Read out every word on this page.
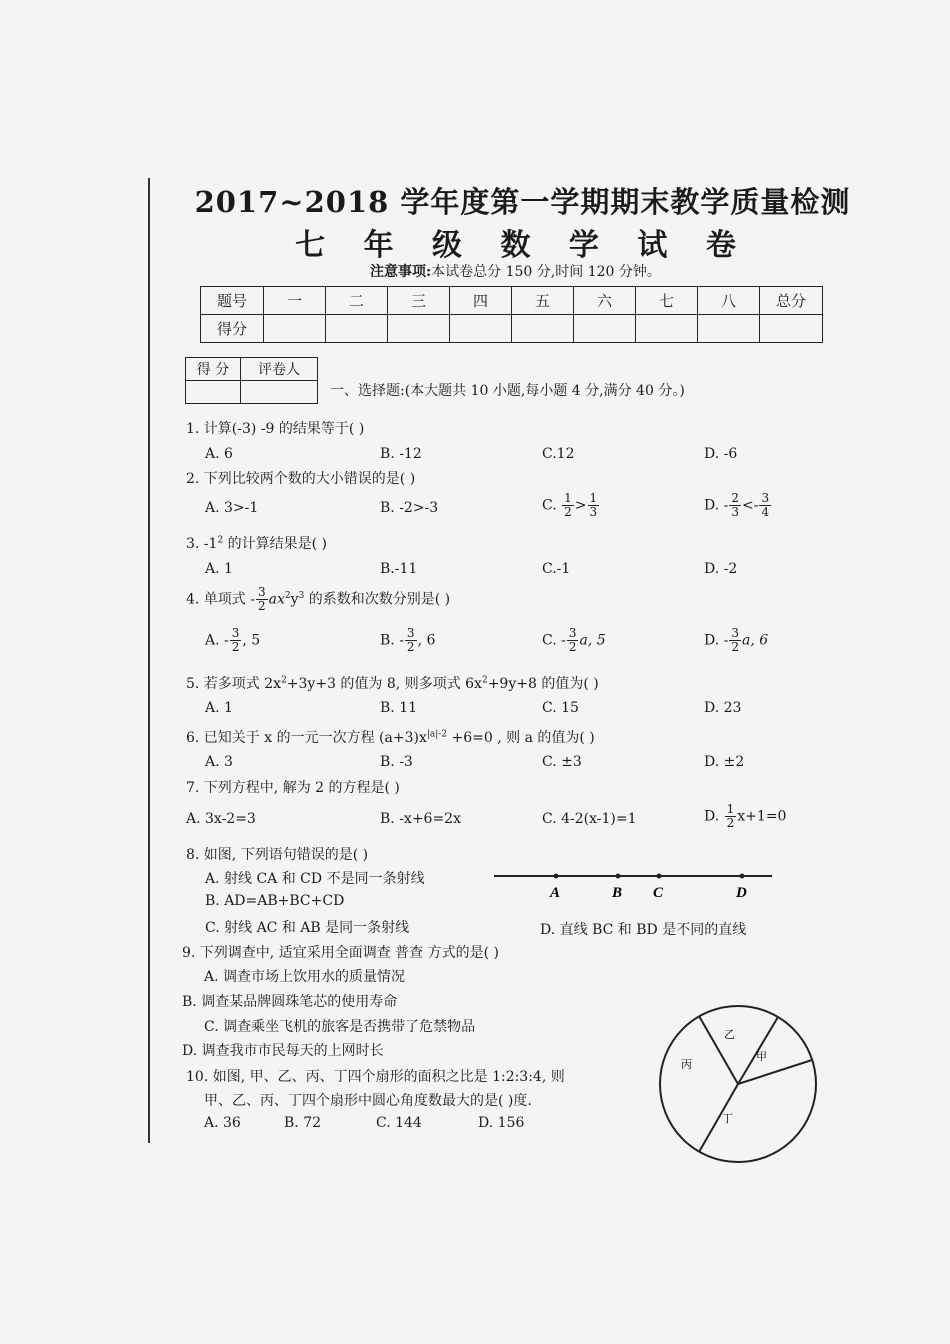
2017~2018 学年度第一学期期末教学质量检测
七 年 级 数 学 试 卷
注意事项:本试卷总分 150 分,时间 120 分钟。
题号	一	二	三	四	五	六	七	八	总分
得分									
得 分	评卷人

一、选择题:(本大题共 10 小题,每小题 4 分,满分 40 分。)
1. 计算(-3) -9 的结果等于( )
A. 6	B. -12	C.12	D. -6
2. 下列比较两个数的大小错误的是( )
A. 3>-1	B. -2>-3	C. $\frac{1}{2} > \frac{1}{3}$	D. - $\frac{2}{3} <- \frac{3}{4}$
3. $-1^2$ 的计算结果是( )
A. 1	B.-11	C.-1	D. -2
4. 单项式 - $\frac{3}{2} ax^2y^3$ 的系数和次数分别是( )
A. - $\frac{3}{2}$ , 5	B. - $\frac{3}{2}$ , 6	C. - $\frac{3}{2} a$, 5	D. - $\frac{3}{2} a$, 6
5. 若多项式 $2x^2+3y+3$ 的值为 8, 则多项式 $6x^2+9y+8$ 的值为( )
A. 1	B. 11	C. 15	D. 23
6. 已知关于 x 的一元一次方程 $(a+3)x^{|a|-2} +6=0$ , 则 a 的值为( )
A. 3	B. -3	C. ±3	D. ±2
7. 下列方程中, 解为 2 的方程是( )
A. 3x-2=3	B. -x+6=2x	C. 4-2(x-1)=1	D. $\frac{1}{2} x+1=0$
8. 如图, 下列语句错误的是( )
A. 射线 CA 和 CD 不是同一条射线
B. AD=AB+BC+CD
C. 射线 AC 和 AB 是同一条射线	D. 直线 BC 和 BD 是不同的直线
A	B C	D
9. 下列调查中, 适宜采用全面调查 普查 方式的是( )
A. 调查市场上饮用水的质量情况
B. 调查某品牌圆珠笔芯的使用寿命
C. 调查乘坐飞机的旅客是否携带了危禁物品
D. 调查我市市民每天的上网时长
10. 如图, 甲、乙、丙、丁四个扇形的面积之比是 1:2:3:4, 则
甲、乙、丙、丁四个扇形中圆心角度数最大的是( )度.
A. 36	B. 72	C. 144	D. 156
甲
乙
丙
丁
